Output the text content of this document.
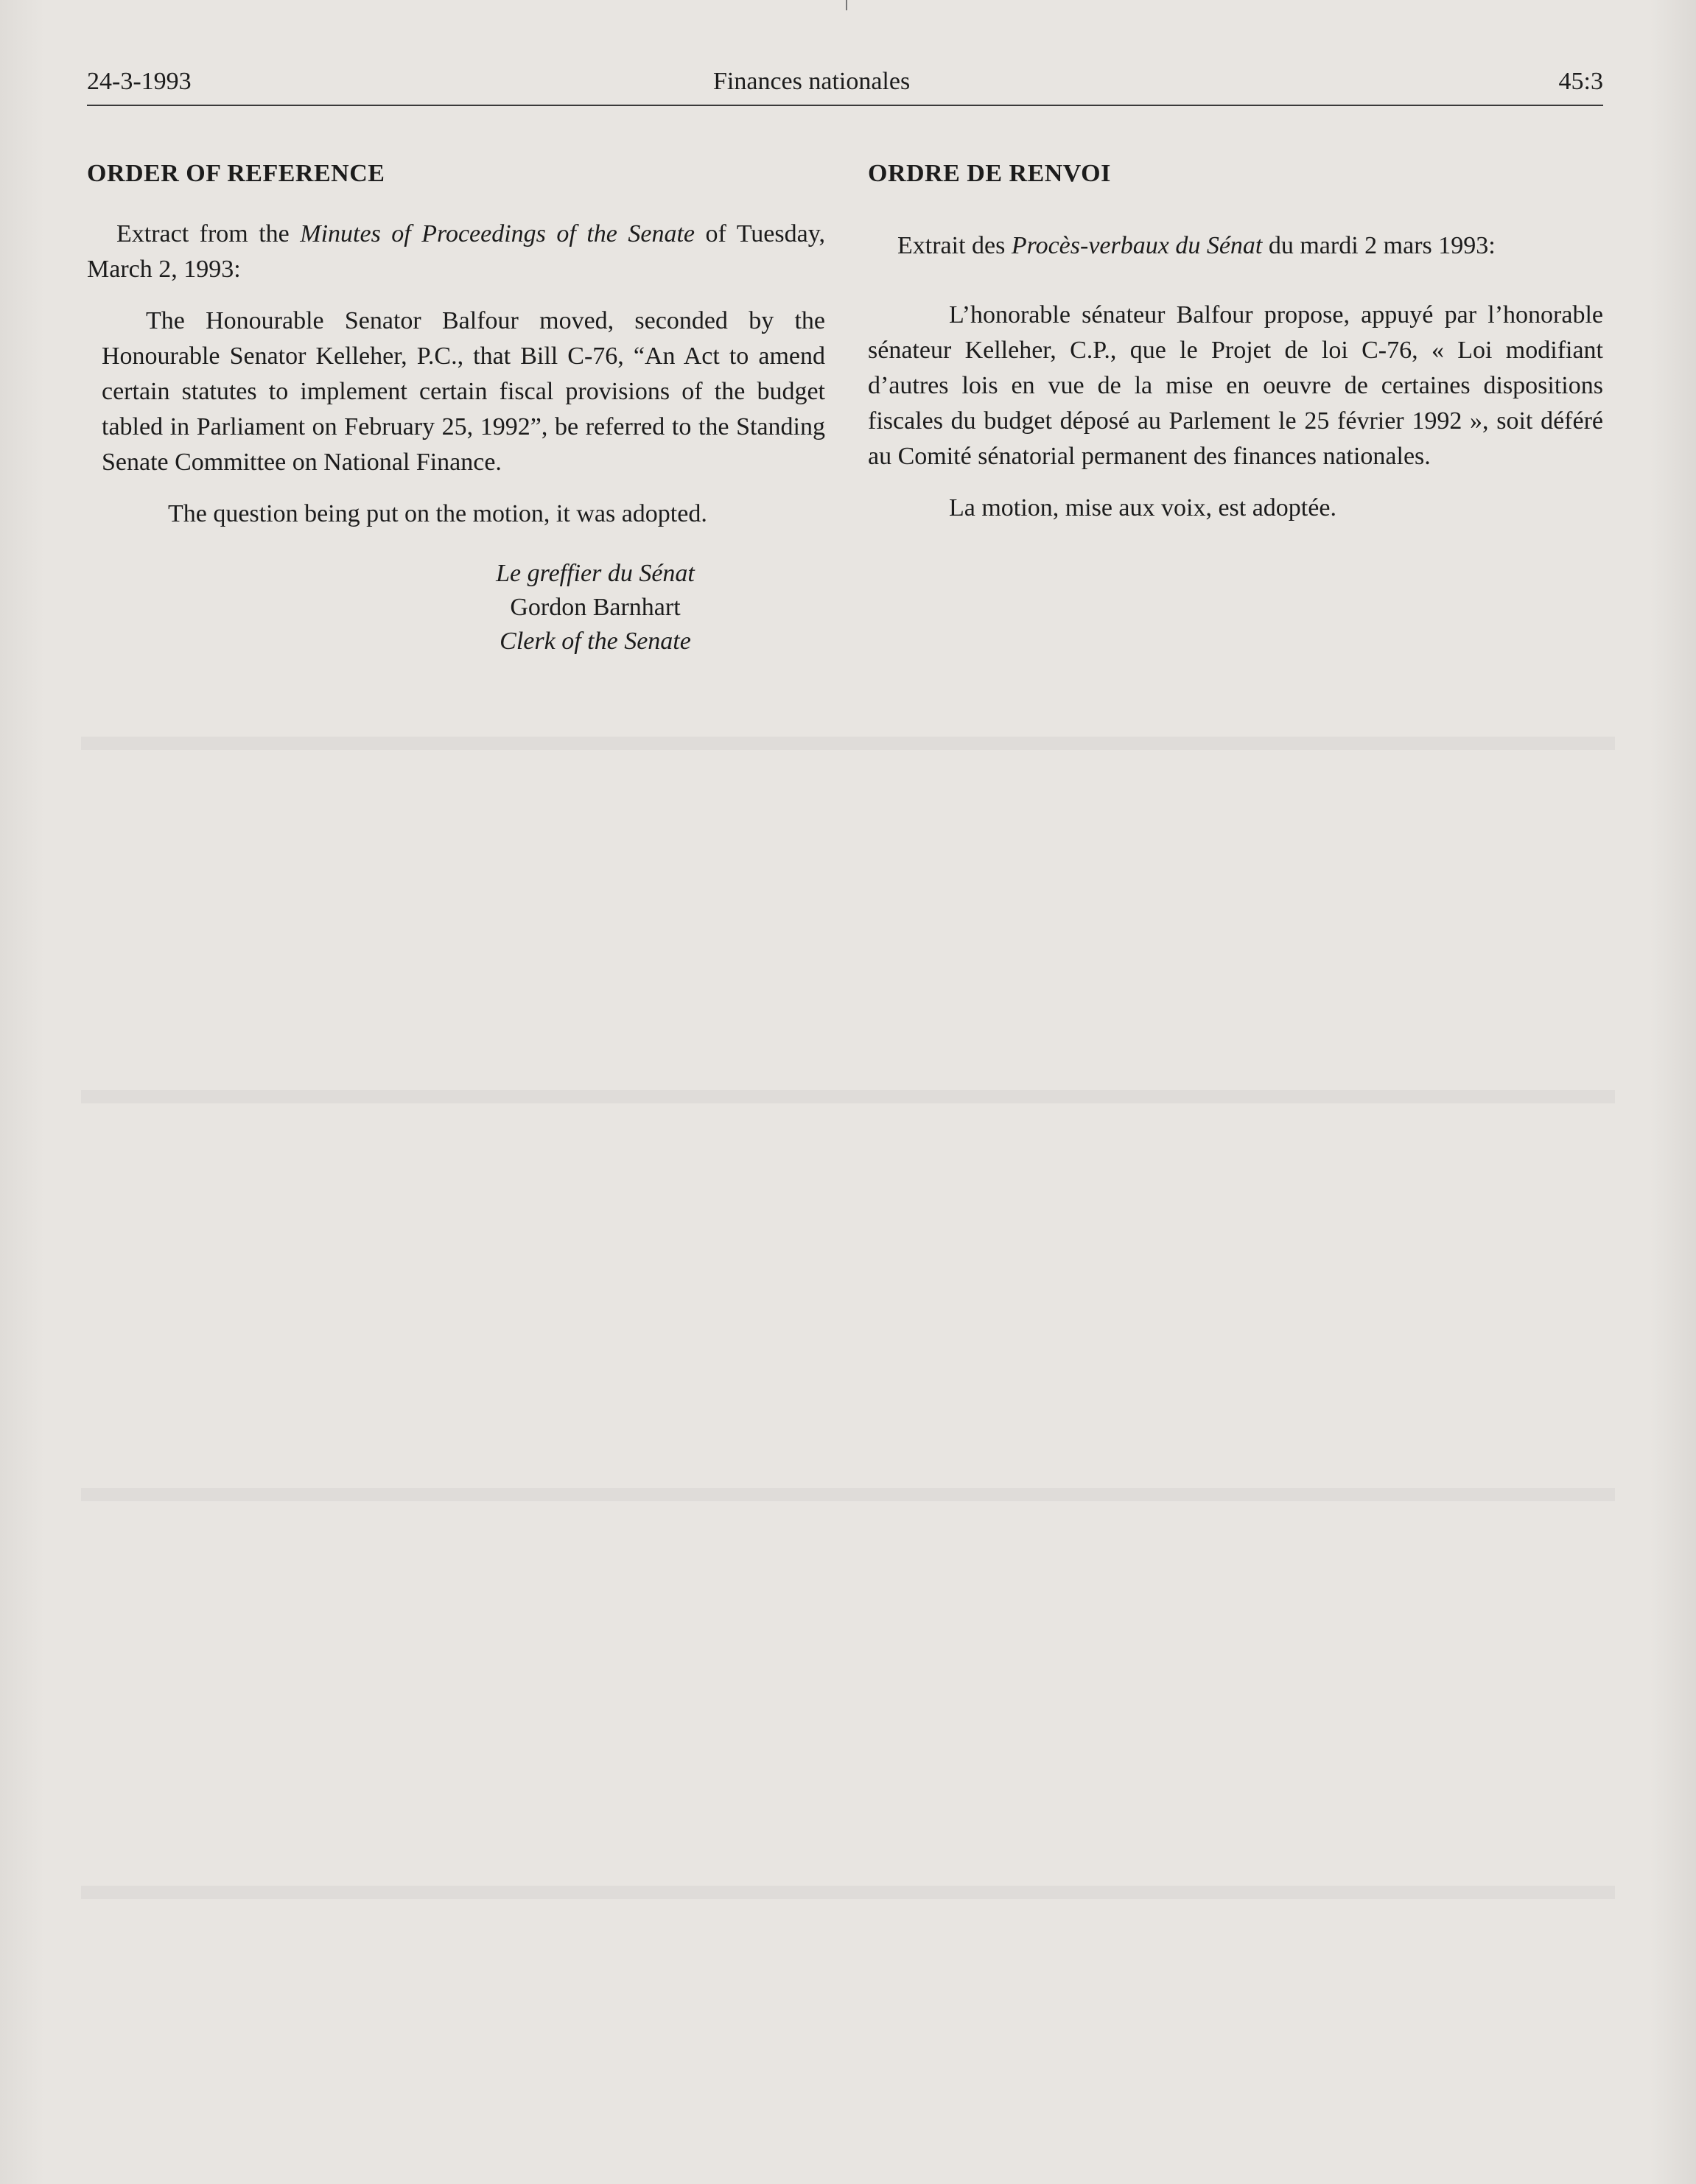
24-3-1993	Finances nationales	45:3
ORDER OF REFERENCE

Extract from the Minutes of Proceedings of the Senate of Tuesday, March 2, 1993:

The Honourable Senator Balfour moved, seconded by the Honourable Senator Kelleher, P.C., that Bill C-76, “An Act to amend certain statutes to implement certain fiscal provisions of the budget tabled in Parliament on February 25, 1992”, be referred to the Standing Senate Committee on National Finance.

The question being put on the motion, it was adopted.

Le greffier du Sénat
Gordon Barnhart
Clerk of the Senate
ORDRE DE RENVOI

Extrait des Procès-verbaux du Sénat du mardi 2 mars 1993:

L’honorable sénateur Balfour propose, appuyé par l’honorable sénateur Kelleher, C.P., que le Projet de loi C-76, « Loi modifiant d’autres lois en vue de la mise en oeuvre de certaines dispositions fiscales du budget déposé au Parlement le 25 février 1992 », soit déféré au Comité sénatorial permanent des finances nationales.

La motion, mise aux voix, est adoptée.
